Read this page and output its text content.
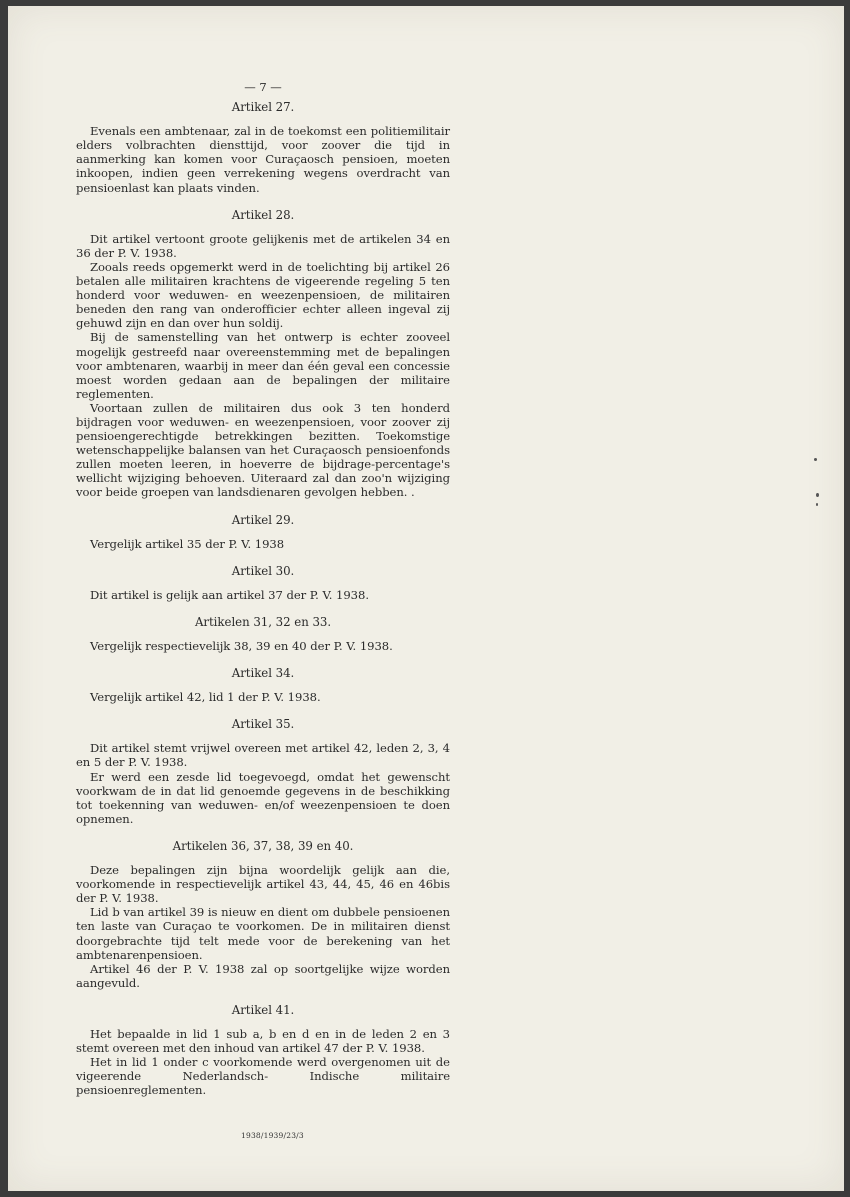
— 7 —
Artikel 27.

Evenals een ambtenaar, zal in de toekomst een politiemilitair elders volbrachten diensttijd, voor zoover die tijd in aanmerking kan komen voor Curaçaosch pensioen, moeten inkoopen, indien geen verrekening wegens overdracht van pensioenlast kan plaats vinden.

Artikel 28.

Dit artikel vertoont groote gelijkenis met de artikelen 34 en 36 der P. V. 1938.

Zooals reeds opgemerkt werd in de toelichting bij artikel 26 betalen alle militairen krachtens de vigeerende regeling 5 ten honderd voor weduwen- en weezenpensioen, de militairen beneden den rang van onderofficier echter alleen ingeval zij gehuwd zijn en dan over hun soldij.

Bij de samenstelling van het ontwerp is echter zooveel mogelijk gestreefd naar overeenstemming met de bepalingen voor ambtenaren, waarbij in meer dan één geval een concessie moest worden gedaan aan de bepalingen der militaire reglementen.

Voortaan zullen de militairen dus ook 3 ten honderd bijdragen voor weduwen- en weezenpensioen, voor zoover zij pensioengerechtigde betrekkingen bezitten. Toekomstige wetenschappelijke balansen van het Curaçaosch pensioenfonds zullen moeten leeren, in hoeverre de bijdrage-percentage's wellicht wijziging behoeven. Uiteraard zal dan zoo'n wijziging voor beide groepen van landsdienaren gevolgen hebben. .

Artikel 29.

Vergelijk artikel 35 der P. V. 1938

Artikel 30.

Dit artikel is gelijk aan artikel 37 der P. V. 1938.

Artikelen 31, 32 en 33.

Vergelijk respectievelijk 38, 39 en 40 der P. V. 1938.

Artikel 34.

Vergelijk artikel 42, lid 1 der P. V. 1938.

Artikel 35.

Dit artikel stemt vrijwel overeen met artikel 42, leden 2, 3, 4 en 5 der P. V. 1938.

Er werd een zesde lid toegevoegd, omdat het gewenscht voorkwam de in dat lid genoemde gegevens in de beschikking tot toekenning van weduwen- en/of weezenpensioen te doen opnemen.

Artikelen 36, 37, 38, 39 en 40.

Deze bepalingen zijn bijna woordelijk gelijk aan die, voorkomende in respectievelijk artikel 43, 44, 45, 46 en 46bis der P. V. 1938.

Lid b van artikel 39 is nieuw en dient om dubbele pensioenen ten laste van Curaçao te voorkomen. De in militairen dienst doorgebrachte tijd telt mede voor de berekening van het ambtenarenpensioen.

Artikel 46 der P. V. 1938 zal op soortgelijke wijze worden aangevuld.

Artikel 41.

Het bepaalde in lid 1 sub a, b en d en in de leden 2 en 3 stemt overeen met den inhoud van artikel 47 der P. V. 1938.

Het in lid 1 onder c voorkomende werd overgenomen uit de vigeerende Nederlandsch- Indische militaire pensioenreglementen.

1938/1939/23/3
